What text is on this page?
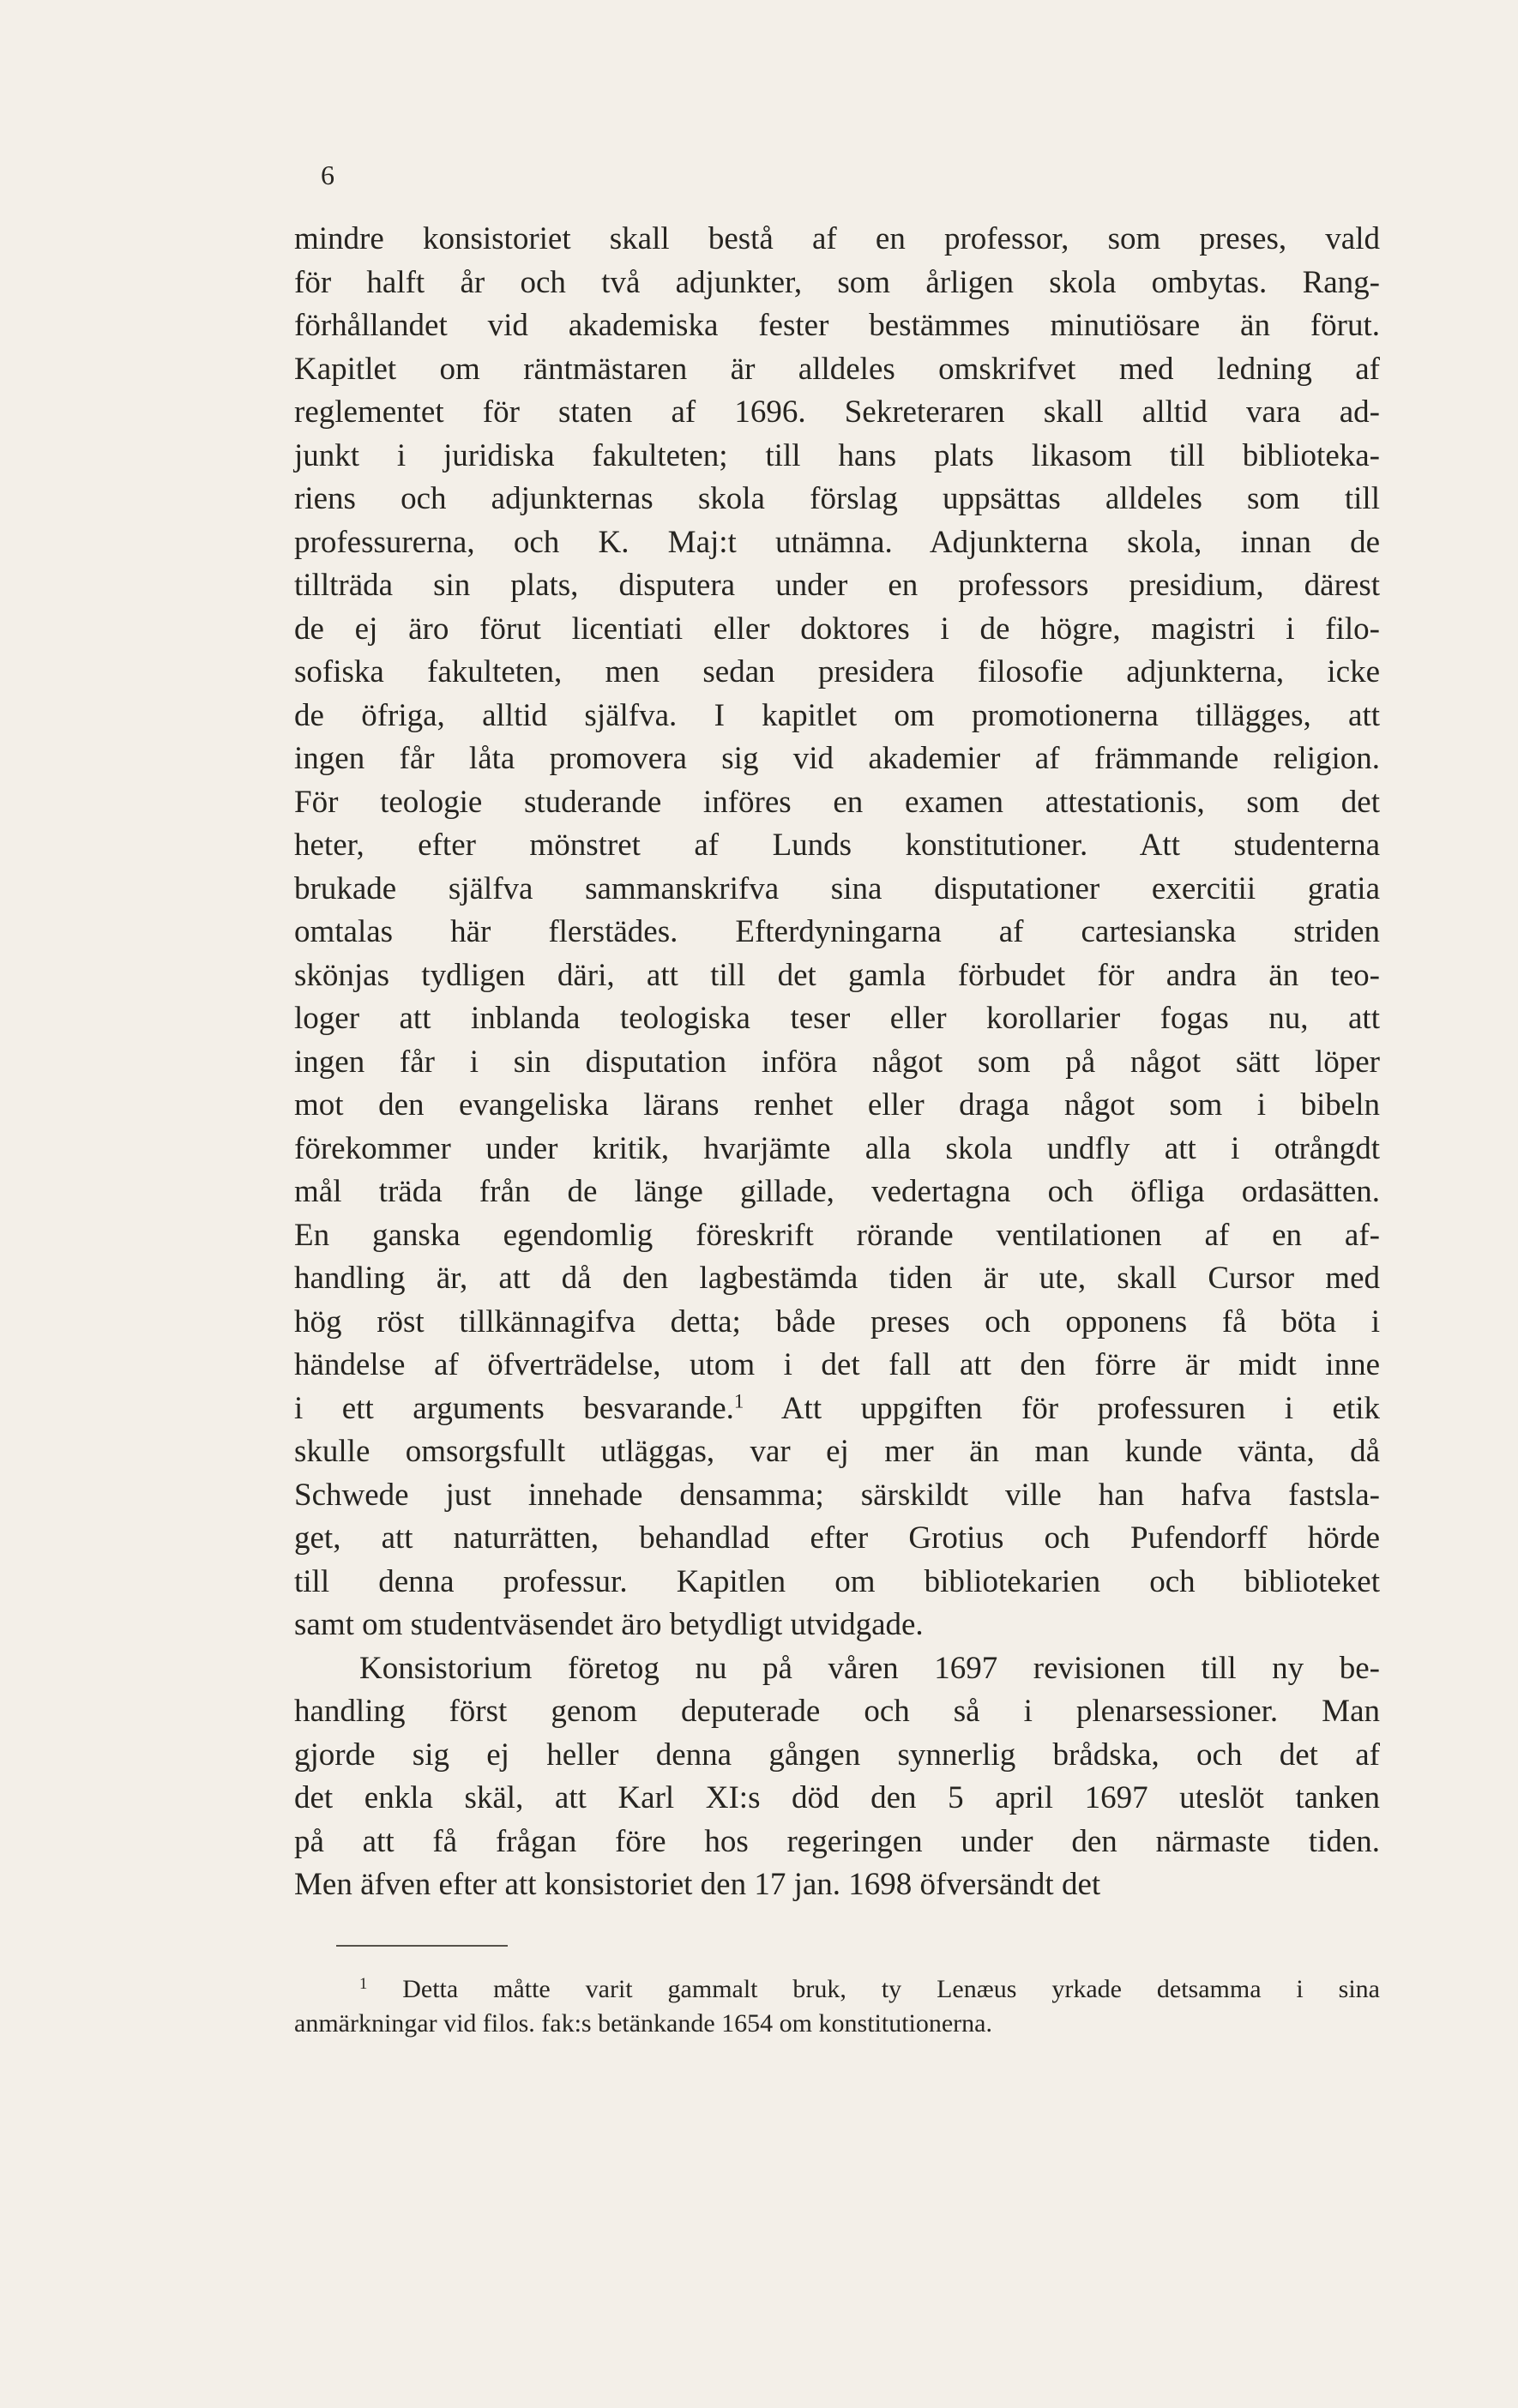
6
mindre konsistoriet skall bestå af en professor, som preses, vald
för halft år och två adjunkter, som årligen skola ombytas. Rang-
förhållandet vid akademiska fester bestämmes minutiösare än förut.
Kapitlet om räntmästaren är alldeles omskrifvet med ledning af
reglementet för staten af 1696. Sekreteraren skall alltid vara ad-
junkt i juridiska fakulteten; till hans plats likasom till biblioteka-
riens och adjunkternas skola förslag uppsättas alldeles som till
professurerna, och K. Maj:t utnämna. Adjunkterna skola, innan de
tillträda sin plats, disputera under en professors presidium, därest
de ej äro förut licentiati eller doktores i de högre, magistri i filo-
sofiska fakulteten, men sedan presidera filosofie adjunkterna, icke
de öfriga, alltid själfva. I kapitlet om promotionerna tillägges, att
ingen får låta promovera sig vid akademier af främmande religion.
För teologie studerande införes en examen attestationis, som det
heter, efter mönstret af Lunds konstitutioner. Att studenterna
brukade själfva sammanskrifva sina disputationer exercitii gratia
omtalas här flerstädes. Efterdyningarna af cartesianska striden
skönjas tydligen däri, att till det gamla förbudet för andra än teo-
loger att inblanda teologiska teser eller korollarier fogas nu, att
ingen får i sin disputation införa något som på något sätt löper
mot den evangeliska lärans renhet eller draga något som i bibeln
förekommer under kritik, hvarjämte alla skola undfly att i otrångdt
mål träda från de länge gillade, vedertagna och öfliga ordasätten.
En ganska egendomlig föreskrift rörande ventilationen af en af-
handling är, att då den lagbestämda tiden är ute, skall Cursor med
hög röst tillkännagifva detta; både preses och opponens få böta i
händelse af öfverträdelse, utom i det fall att den förre är midt inne
i ett arguments besvarande.$^1$ Att uppgiften för professuren i etik
skulle omsorgsfullt utläggas, var ej mer än man kunde vänta, då
Schwede just innehade densamma; särskildt ville han hafva fastsla-
get, att naturrätten, behandlad efter Grotius och Pufendorff hörde
till denna professur. Kapitlen om bibliotekarien och biblioteket
samt om studentväsendet äro betydligt utvidgade.
Konsistorium företog nu på våren 1697 revisionen till ny be-
handling först genom deputerade och så i plenarsessioner. Man
gjorde sig ej heller denna gången synnerlig brådska, och det af
det enkla skäl, att Karl XI:s död den 5 april 1697 uteslöt tanken
på att få frågan före hos regeringen under den närmaste tiden.
Men äfven efter att konsistoriet den 17 jan. 1698 öfversändt det
$^1$ Detta måtte varit gammalt bruk, ty Lenæus yrkade detsamma i sina
anmärkningar vid filos. fak:s betänkande 1654 om konstitutionerna.
